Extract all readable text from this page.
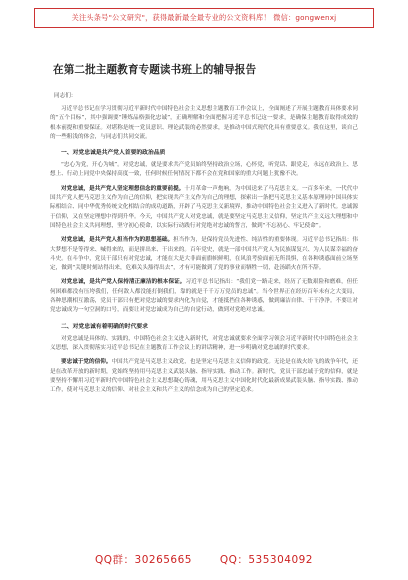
关注头条号"公文研究"，获得最新最全最专业的公文资料库！ 微信：gongwenxj
在第二批主题教育专题读书班上的辅导报告
同志们：

习近平总书记在学习贯彻习近平新时代中国特色社会主义思想主题教育工作会议上，全面阐述了开展主题教育具体要求同的“五个目标”，其中强调要“锤炼品格强化忠诚”，正确理解和全面把握习近平总书记这一要求，是确保主题教育取得成效的根本前提和重要保证。对堪称是统一党员意识、理论武装的必然要求，是推动中国式现代化具有重要意义。我在这里，谈自己的一些粗浅的体会，与同志们共同交流。

一、对党忠诚是共产党人首要的政治品质

“忠心为党，开心为城”。对党忠诚，就是要求共产党员始终坚持政治立场，心怀党，听党话、跟党走，永远在政治上、思想上、行动上同党中央保持高度一致，任何时候任何情况下都不会在党和国家的重大问题上犹豫不决。

对党忠诚，是共产党人坚定理想信念的重要前提。十月革命一声炮响，为中国送来了马克思主义。一百多年来，一代代中国共产党人把马克思主义作为自己的信仰，把实现共产主义作为自己的理想，探索出一条把马克思主义基本原理同中国具体实际相结合、同中华优秀传统文化相结合的成功道路，开辟了马克思主义新境界，推动中国特色社会主义进入了新时代。忠诚源于信仰，又在坚定理想中得到升华。今天，中国共产党人对党忠诚，就是要坚定马克思主义信仰，坚定共产主义远大理想和中国特色社会主义共同理想，坚守初心使命，以实际行动践行对党绝对忠诚的誓言，做到“不忘初心、牢记使命”。

对党忠诚，是共产党人担当作为的思想基础。担当作为，是保持党员先进性、纯洁性的重要体现。习近平总书记指出：伟大梦想不是等得来、喊得来的，而是拼出来、干出来的。百年党史，就是一部中国共产党人为民族谋复兴、为人民谋幸福的奋斗史。在斗争中，党员干部只有对党忠诚，才能在大是大非面前旗帜鲜明，在风浪考验面前无所畏惧，在各种诱惑面前立场坚定，做到“关键时刻站得出来，危难关头豁得出去”，才有可能做到了党的事业而牺牲一切，赴汤蹈火在所不辞。

对党忠诚，是共产党人保持清正廉洁的根本保证。习近平总书记指出：“我们党一路走来，经历了无数艰险和磨难，但任何困难都没有压垮我们，任何敌人都没能打倒我们，靠的就是千千万万党员的忠诚”。当今世界正在经历百年未有之大变局，各种思潮相互激荡，党员干部只有把对党忠诚的要求内化为自觉，才能抵挡住各种诱惑，做到廉洁自律、干干净净。不要让对党忠诚成为一句空洞的口号，而要让对党忠诚成为自己的自觉行动，做到对党绝对忠诚。

二、对党忠诚有着明确的时代要求

对党忠诚是具体的、实践的，中国特色社会主义进入新时代，对党忠诚就要求全面学习领会习近平新时代中国特色社会主义思想，深入贯彻落实习近平总书记在主题教育工作会议上的讲话精神，进一步明确对党忠诚的时代要求。

要忠诚于党的信仰。中国共产党是马克思主义政党，也是坚定马克思主义信仰的政党。无论是在战火纷飞的战争年代，还是在改革开放的新时期，党始终坚持用马克思主义武装头脑、指导实践、推动工作。新时代，党员干部忠诚于党的信仰，就是要坚持不懈用习近平新时代中国特色社会主义思想凝心铸魂，用马克思主义中国化时代化最新成果武装头脑、指导实践、推动工作，使对马克思主义的信仰、对社会主义和共产主义的信念成为自己的坚定追求。

QQ群：30265665	QQ：535304092
